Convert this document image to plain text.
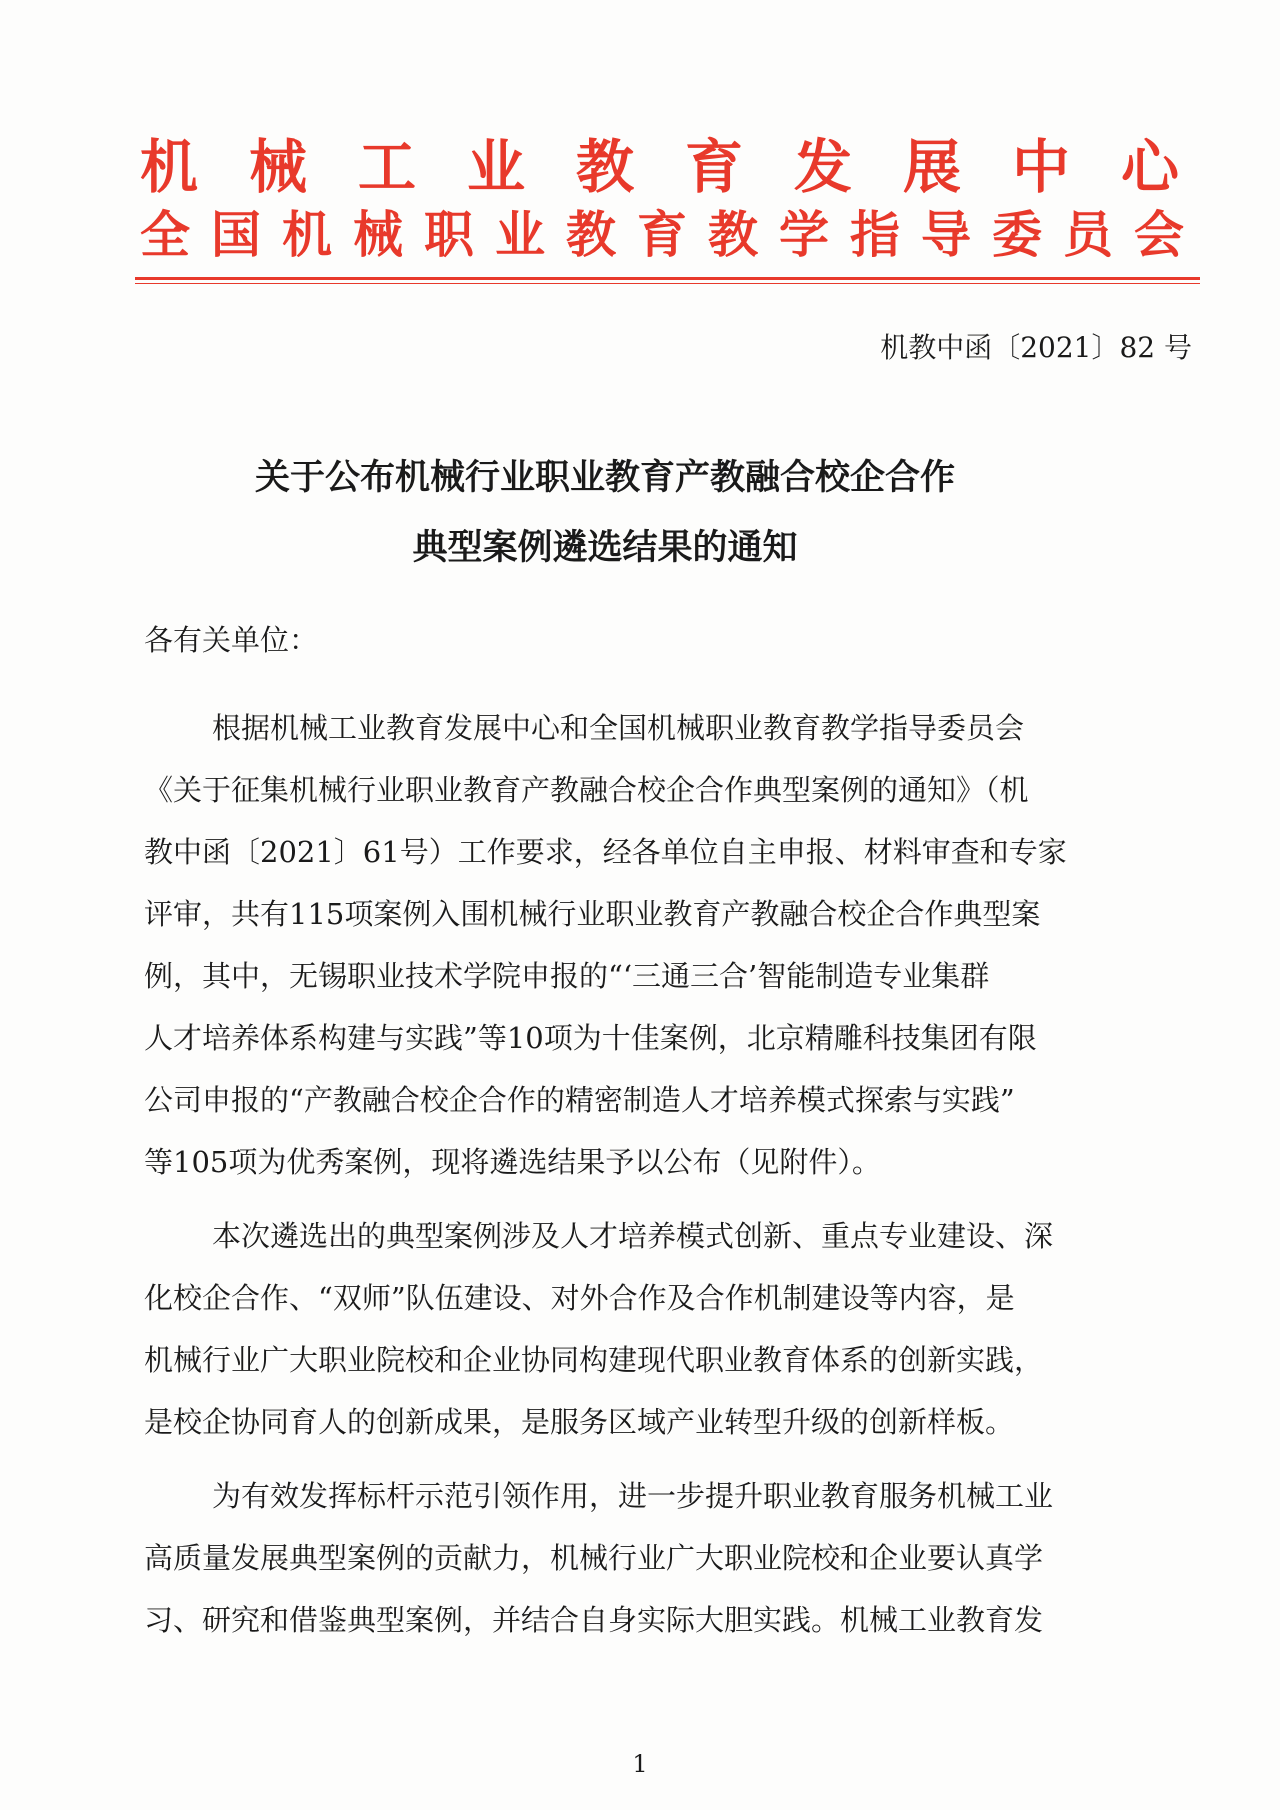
机械工业教育发展中心
全国机械职业教育教学指导委员会
机教中函〔2021〕82 号
关于公布机械行业职业教育产教融合校企合作
典型案例遴选结果的通知
各有关单位：
根据机械工业教育发展中心和全国机械职业教育教学指导委员会
《关于征集机械行业职业教育产教融合校企合作典型案例的通知》（机
教中函〔2021〕61号）工作要求，经各单位自主申报、材料审查和专家
评审，共有115项案例入围机械行业职业教育产教融合校企合作典型案
例，其中，无锡职业技术学院申报的“‘三通三合’智能制造专业集群
人才培养体系构建与实践”等10项为十佳案例，北京精雕科技集团有限
公司申报的“产教融合校企合作的精密制造人才培养模式探索与实践”
等105项为优秀案例，现将遴选结果予以公布（见附件）。
本次遴选出的典型案例涉及人才培养模式创新、重点专业建设、深
化校企合作、“双师”队伍建设、对外合作及合作机制建设等内容，是
机械行业广大职业院校和企业协同构建现代职业教育体系的创新实践，
是校企协同育人的创新成果，是服务区域产业转型升级的创新样板。
为有效发挥标杆示范引领作用，进一步提升职业教育服务机械工业
高质量发展典型案例的贡献力，机械行业广大职业院校和企业要认真学
习、研究和借鉴典型案例，并结合自身实际大胆实践。机械工业教育发
1
